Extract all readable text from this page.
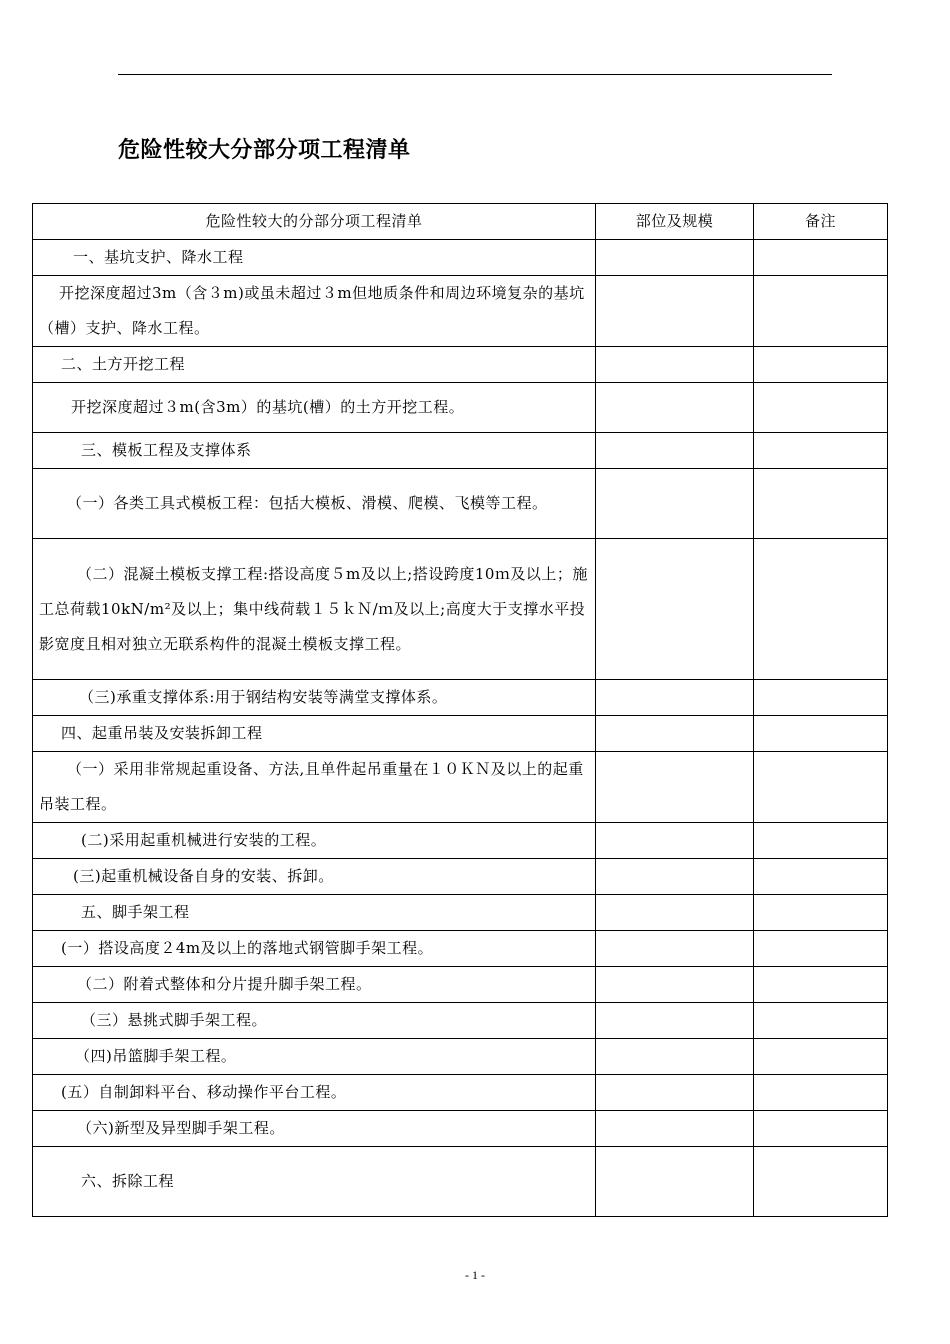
危险性较大分部分项工程清单
危险性较大的分部分项工程清单	部位及规模	备注
一、基坑支护、降水工程		
开挖深度超过3m（含３m)或虽未超过３m但地质条件和周边环境复杂的基坑（槽）支护、降水工程。		
二、土方开挖工程		
开挖深度超过３m(含3m）的基坑(槽）的土方开挖工程。		
三、模板工程及支撑体系		
（一）各类工具式模板工程：包括大模板、滑模、爬模、飞模等工程。		
（二）混凝土模板支撑工程:搭设高度５m及以上;搭设跨度10ｍ及以上；施工总荷载10kN/m²及以上；集中线荷载１５ｋＮ/ｍ及以上;高度大于支撑水平投影宽度且相对独立无联系构件的混凝土模板支撑工程。		
（三)承重支撑体系:用于钢结构安装等满堂支撑体系。		
四、起重吊装及安装拆卸工程		
（一）采用非常规起重设备、方法,且单件起吊重量在１０ＫＮ及以上的起重吊装工程。		
(二)采用起重机械进行安装的工程。		
(三)起重机械设备自身的安装、拆卸。		
五、脚手架工程		
(一）搭设高度２4m及以上的落地式钢管脚手架工程。		
（二）附着式整体和分片提升脚手架工程。		
（三）悬挑式脚手架工程。		
（四)吊篮脚手架工程。		
(五）自制卸料平台、移动操作平台工程。		
（六)新型及异型脚手架工程。		
六、拆除工程		
- 1 -
